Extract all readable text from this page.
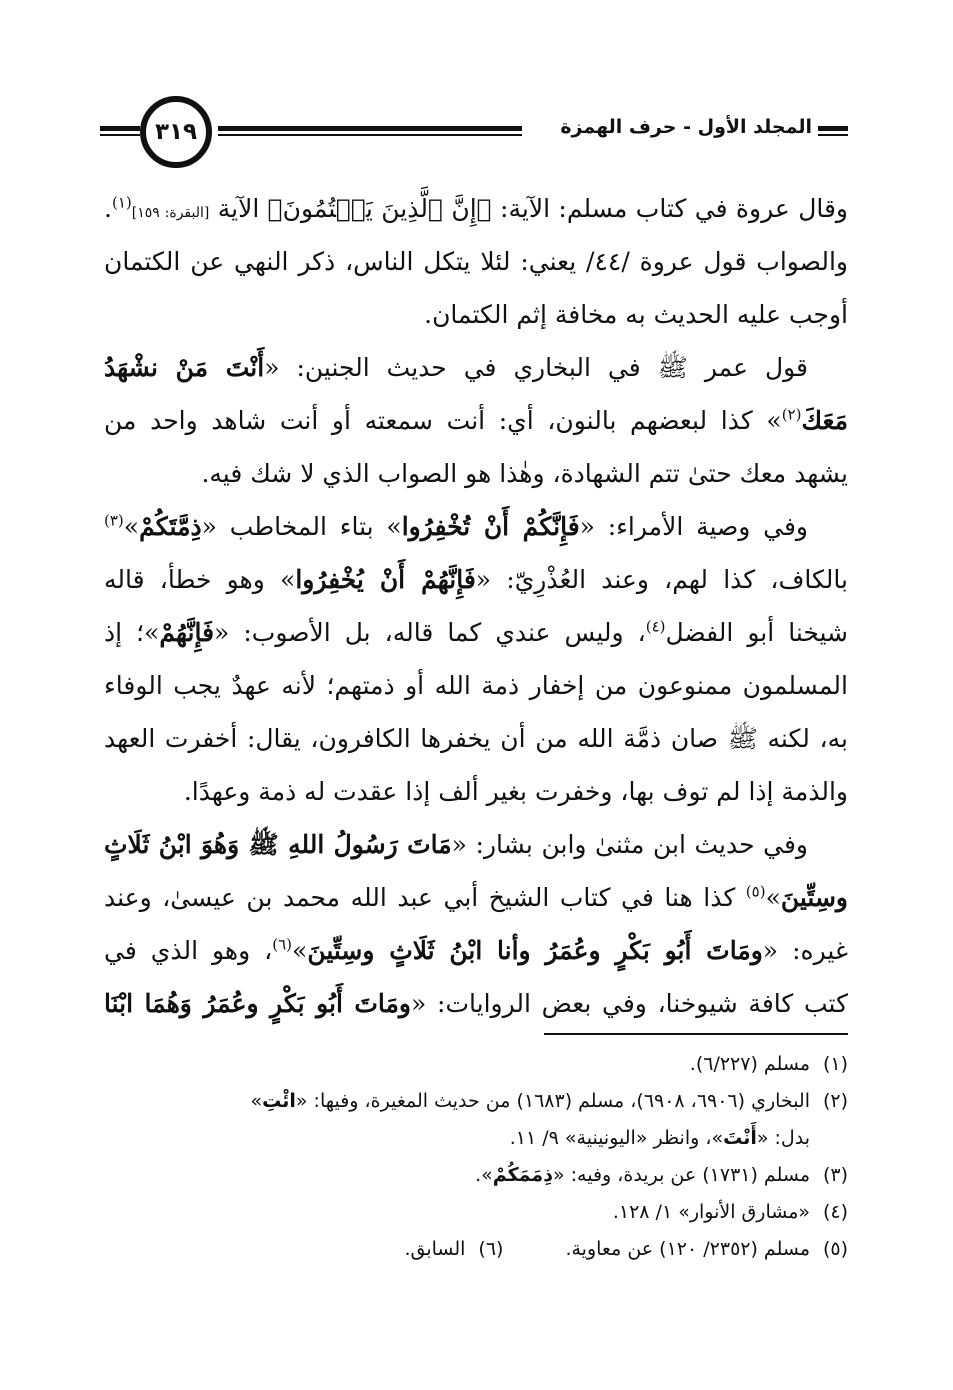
٣١٩	المجلد الأول - حرف الهمزة
وقال عروة في كتاب مسلم: الآية: ﴿إِنَّ ٱلَّذِينَ يَكۡتُمُونَ﴾ الآية [البقرة: ١٥٩]$^{(١)}$.
والصواب قول عروة /٤٤/ يعني: لئلا يتكل الناس، ذكر النهي عن الكتمان
أوجب عليه الحديث به مخافة إثم الكتمان.
قول عمر ﷺ في البخاري في حديث الجنين: «أَنْتَ مَنْ نشْهَدُ
مَعَكَ$^{(٢)}$» كذا لبعضهم بالنون، أي: أنت سمعته أو أنت شاهد واحد من
يشهد معك حتىٰ تتم الشهادة، وهٰذا هو الصواب الذي لا شك فيه.
وفي وصية الأمراء: «فَإِنَّكُمْ أَنْ تُخْفِرُوا» بتاء المخاطب «ذِمَّتَكُمْ»$^{(٣)}$
بالكاف، كذا لهم، وعند العُذْرِيّ: «فَإِنَّهُمْ أَنْ يُخْفِرُوا» وهو خطأ، قاله
شيخنا أبو الفضل$^{(٤)}$، وليس عندي كما قاله، بل الأصوب: «فَإِنَّهُمْ»؛ إذ
المسلمون ممنوعون من إخفار ذمة الله أو ذمتهم؛ لأنه عهدٌ يجب الوفاء
به، لكنه ﷺ صان ذمَّة الله من أن يخفرها الكافرون، يقال: أخفرت العهد
والذمة إذا لم توف بها، وخفرت بغير ألف إذا عقدت له ذمة وعهدًا.
وفي حديث ابن مثنىٰ وابن بشار: «مَاتَ رَسُولُ اللهِ ﷺ وَهُوَ ابْنُ ثَلَاثٍ
وسِتِّينَ»$^{(٥)}$ كذا هنا في كتاب الشيخ أبي عبد الله محمد بن عيسىٰ، وعند
غيره: «ومَاتَ أَبُو بَكْرٍ وعُمَرُ وأنا ابْنُ ثَلَاثٍ وسِتِّينَ»$^{(٦)}$، وهو الذي في
كتب كافة شيوخنا، وفي بعض الروايات: «ومَاتَ أَبُو بَكْرٍ وعُمَرُ وَهُمَا ابْنَا
(١)مسلم (٦/٢٢٧).
(٢)البخاري (٦٩٠٦، ٦٩٠٨)، مسلم (١٦٨٣) من حديث المغيرة، وفيها: «ائْتِ»
بدل: «أَنْتَ»، وانظر «اليونينية» ٩/ ١١.
(٣)مسلم (١٧٣١) عن بريدة، وفيه: «ذِمَمَكُمْ».
(٤)«مشارق الأنوار» ١/ ١٢٨.
(٥)مسلم (٢٣٥٢/ ١٢٠) عن معاوية.(٦)السابق.
